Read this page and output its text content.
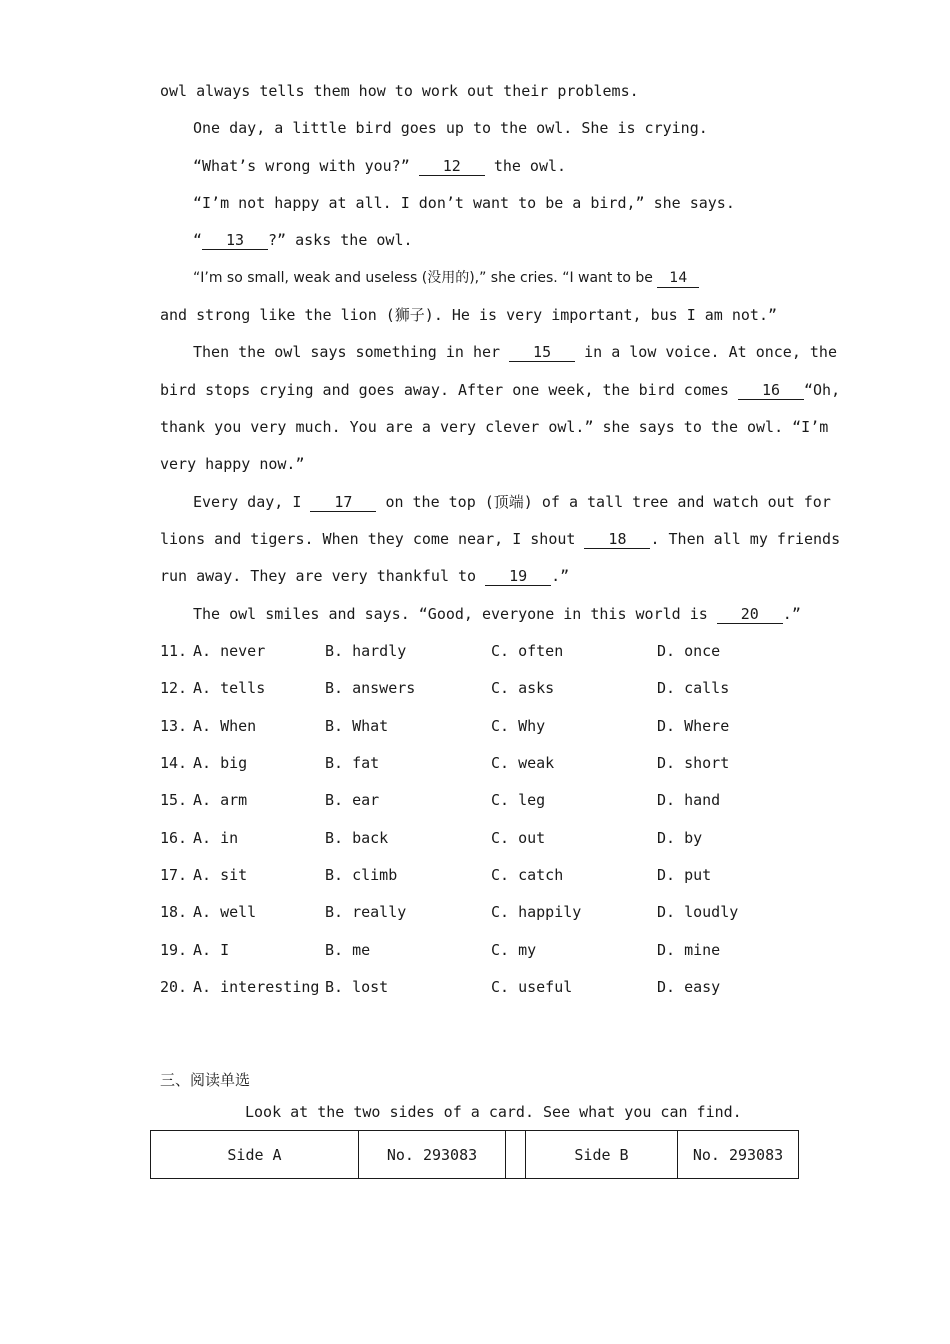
owl always tells them how to work out their problems.
One day, a little bird goes up to the owl. She is crying.
“What’s wrong with you?” 12 the owl.
“I’m not happy at all. I don’t want to be a bird,” she says.
“ 13 ?” asks the owl.
“I’m so small, weak and useless (没用的),” she cries. “I want to be 14
and strong like the lion (狮子). He is very important, bus I am not.”
Then the owl says something in her 15 in a low voice. At once, the
bird stops crying and goes away. After one week, the bird comes 16 “Oh,
thank you very much. You are a very clever owl.” she says to the owl. “I’m
very happy now.”
Every day, I 17 on the top (顶端) of a tall tree and watch out for
lions and tigers. When they come near, I shout 18 . Then all my friends
run away. They are very thankful to 19 .”
The owl smiles and says. “Good, everyone in this world is 20 .”
11. A. never	B. hardly	C. often	D. once
12. A. tells	B. answers	C. asks	D. calls
13. A. When	B. What	C. Why	D. Where
14. A. big	B. fat	C. weak	D. short
15. A. arm	B. ear	C. leg	D. hand
16. A. in	B. back	C. out	D. by
17. A. sit	B. climb	C. catch	D. put
18. A. well	B. really	C. happily	D. loudly
19. A. I	B. me	C. my	D. mine
20. A. interesting B. lost	C. useful	D. easy
三、阅读单选
Look at the two sides of a card. See what you can find.
Side A	No. 293083	Side B	No. 293083
